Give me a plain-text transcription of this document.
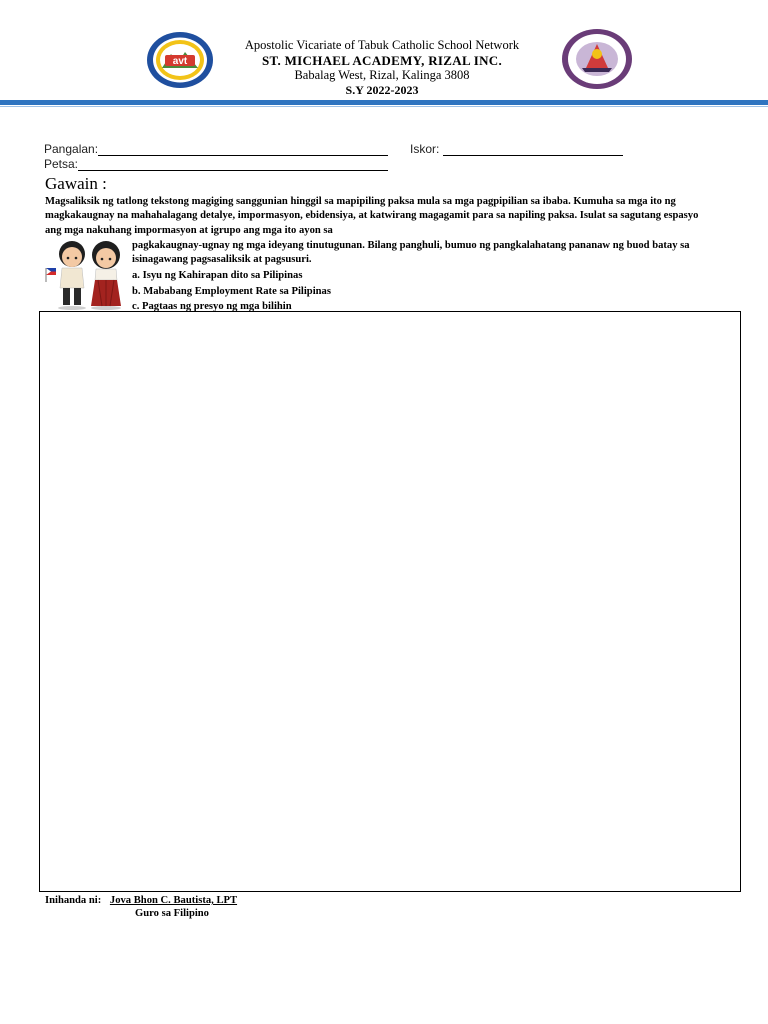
avt
Apostolic Vicariate of Tabuk Catholic School Network
ST. MICHAEL ACADEMY, RIZAL INC.
Babalag West, Rizal, Kalinga 3808
S.Y 2022-2023
Pangalan:	Iskor:
Petsa:
Gawain :
Magsaliksik ng tatlong tekstong magiging sanggunian hinggil sa mapipiling paksa mula sa mga pagpipilian sa ibaba. Kumuha sa mga ito ng magkakaugnay na mahahalagang detalye, impormasyon, ebidensiya, at katwirang magagamit para sa napiling paksa. Isulat sa sagutang espasyo ang mga nakuhang impormasyon at igrupo ang mga ito ayon sa
pagkakaugnay-ugnay ng mga ideyang tinutugunan. Bilang panghuli, bumuo ng pangkalahatang pananaw ng buod batay sa isinagawang pagsasaliksik at pagsusuri.
a. Isyu ng Kahirapan dito sa Pilipinas
b. Mababang Employment Rate sa Pilipinas
c. Pagtaas ng presyo ng mga bilihin
Inihanda ni: Jova Bhon C. Bautista, LPT
Guro sa Filipino
